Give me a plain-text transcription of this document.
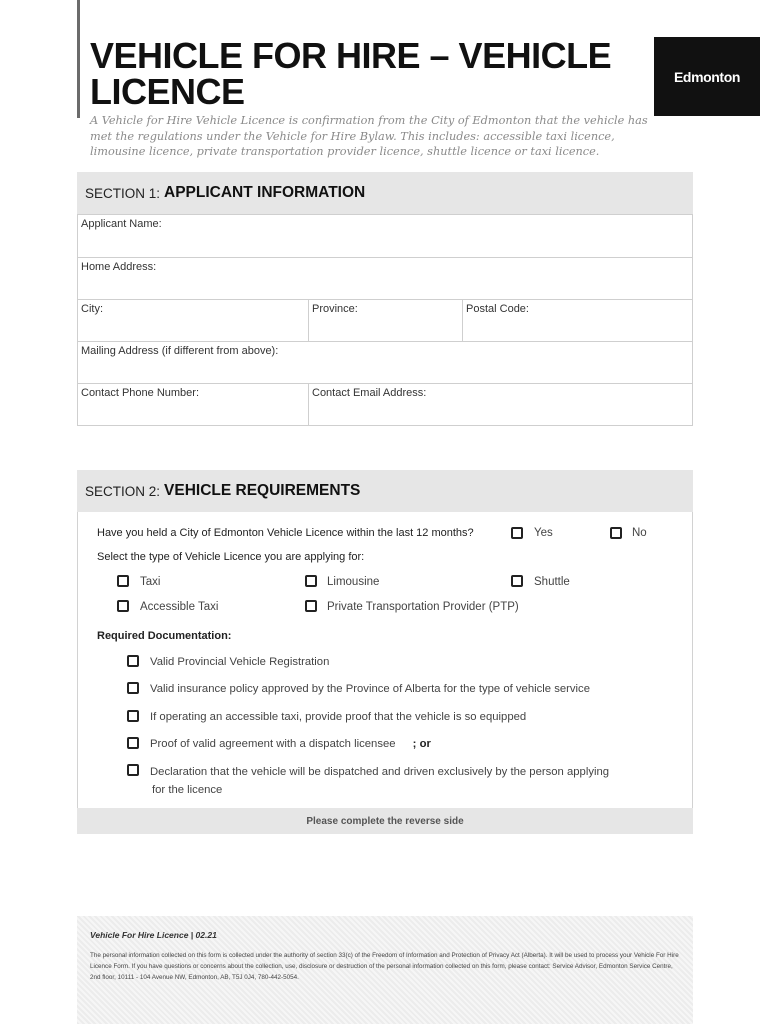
VEHICLE FOR HIRE – VEHICLE
LICENCE	Edmonton

A Vehicle for Hire Vehicle Licence is confirmation from the City of Edmonton that the vehicle has met the regulations under the Vehicle for Hire Bylaw. This includes: accessible taxi licence, limousine licence, private transportation provider licence, shuttle licence or taxi licence.

SECTION 1: APPLICANT INFORMATION
Applicant Name:
Home Address:
City:	Province:	Postal Code:
Mailing Address (if different from above):
Contact Phone Number:	Contact Email Address:
SECTION 2: VEHICLE REQUIREMENTS
Have you held a City of Edmonton Vehicle Licence within the last 12 months?	Yes	No
Select the type of Vehicle Licence you are applying for:
Taxi	Limousine	Shuttle
Accessible Taxi	Private Transportation Provider (PTP)
Required Documentation:
Valid Provincial Vehicle Registration
Valid insurance policy approved by the Province of Alberta for the type of vehicle service
If operating an accessible taxi, provide proof that the vehicle is so equipped
Proof of valid agreement with a dispatch licensee ; or
Declaration that the vehicle will be dispatched and driven exclusively by the person applying
for the licence
Please complete the reverse side
Vehicle For Hire Licence | 02.21
The personal information collected on this form is collected under the authority of section 33(c) of the Freedom of Information and Protection of Privacy Act (Alberta). It will be used to process your Vehicle For Hire Licence Form. If you have questions or concerns about the collection, use, disclosure or destruction of the personal information collected on this form, please contact: Service Advisor, Edmonton Service Centre, 2nd floor, 10111 - 104 Avenue NW, Edmonton, AB, T5J 0J4, 780-442-5054.
